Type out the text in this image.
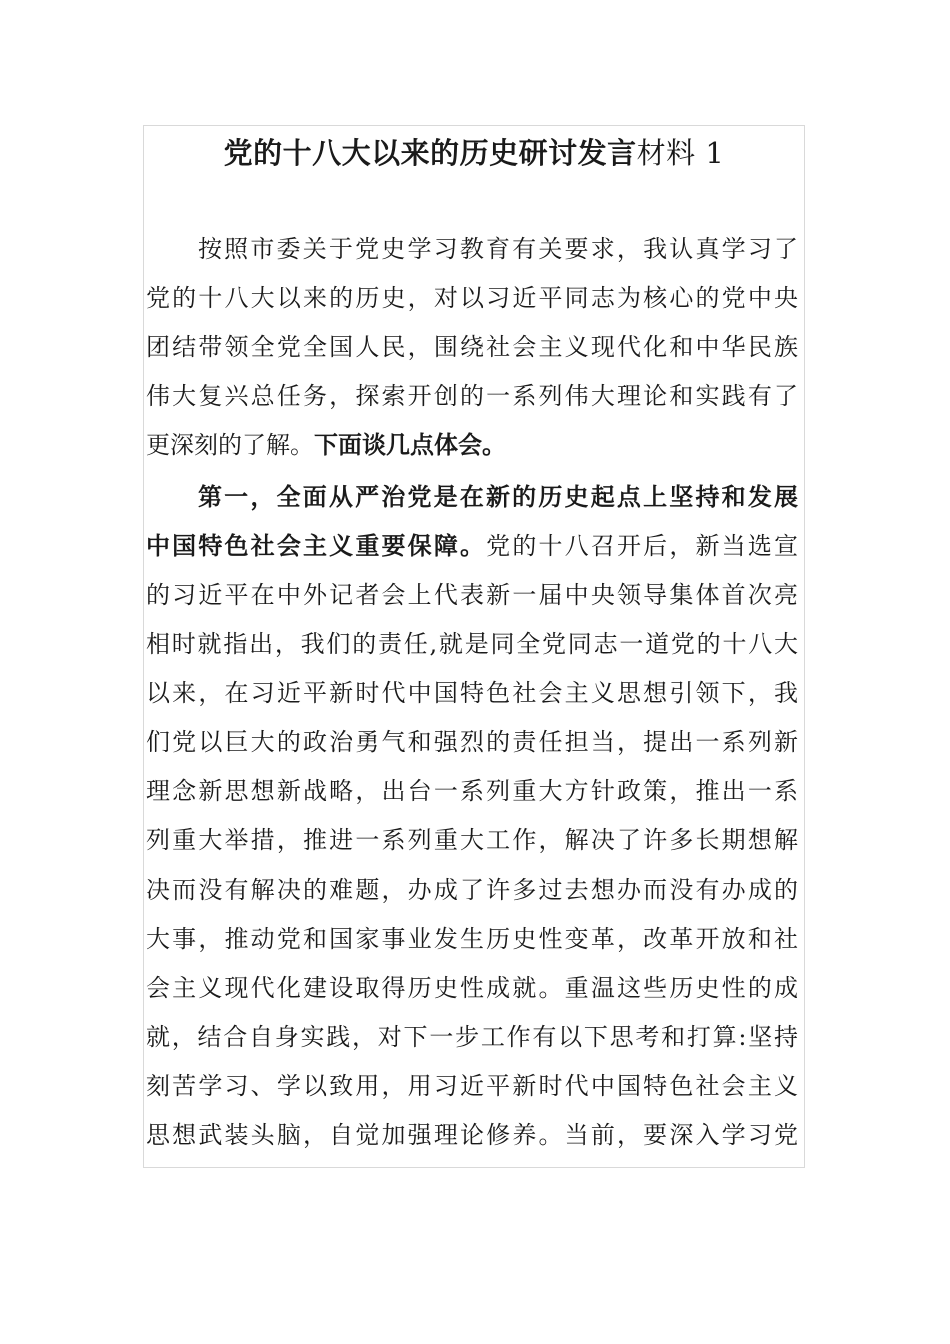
党的十八大以来的历史研讨发言材料 1
按照市委关于党史学习教育有关要求，我认真学习了
党的十八大以来的历史，对以习近平同志为核心的党中央
团结带领全党全国人民，围绕社会主义现代化和中华民族
伟大复兴总任务，探索开创的一系列伟大理论和实践有了
更深刻的了解。下面谈几点体会。
第一，全面从严治党是在新的历史起点上坚持和发展
中国特色社会主义重要保障。党的十八召开后，新当选宣
的习近平在中外记者会上代表新一届中央领导集体首次亮
相时就指出，我们的责任,就是同全党同志一道党的十八大
以来，在习近平新时代中国特色社会主义思想引领下，我
们党以巨大的政治勇气和强烈的责任担当，提出一系列新
理念新思想新战略，出台一系列重大方针政策，推出一系
列重大举措，推进一系列重大工作，解决了许多长期想解
决而没有解决的难题，办成了许多过去想办而没有办成的
大事，推动党和国家事业发生历史性变革，改革开放和社
会主义现代化建设取得历史性成就。重温这些历史性的成
就，结合自身实践，对下一步工作有以下思考和打算:坚持
刻苦学习、学以致用，用习近平新时代中国特色社会主义
思想武装头脑，自觉加强理论修养。当前，要深入学习党
